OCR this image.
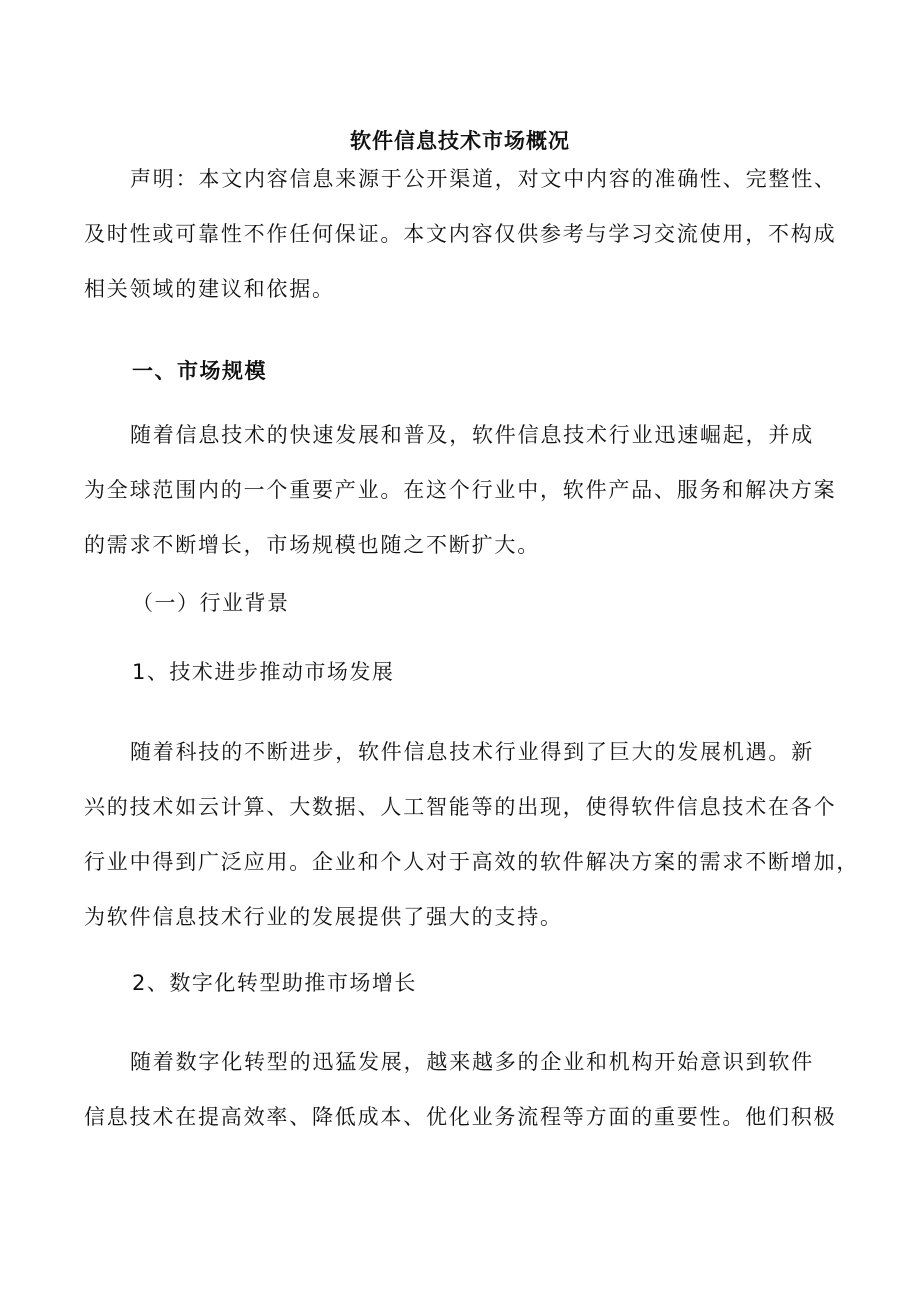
软件信息技术市场概况
声明：本文内容信息来源于公开渠道，对文中内容的准确性、完整性、
及时性或可靠性不作任何保证。本文内容仅供参考与学习交流使用，不构成
相关领域的建议和依据。
一、市场规模
随着信息技术的快速发展和普及，软件信息技术行业迅速崛起，并成
为全球范围内的一个重要产业。在这个行业中，软件产品、服务和解决方案
的需求不断增长，市场规模也随之不断扩大。
（一）行业背景
1、技术进步推动市场发展
随着科技的不断进步，软件信息技术行业得到了巨大的发展机遇。新
兴的技术如云计算、大数据、人工智能等的出现，使得软件信息技术在各个
行业中得到广泛应用。企业和个人对于高效的软件解决方案的需求不断增加，
为软件信息技术行业的发展提供了强大的支持。
2、数字化转型助推市场增长
随着数字化转型的迅猛发展，越来越多的企业和机构开始意识到软件
信息技术在提高效率、降低成本、优化业务流程等方面的重要性。他们积极
